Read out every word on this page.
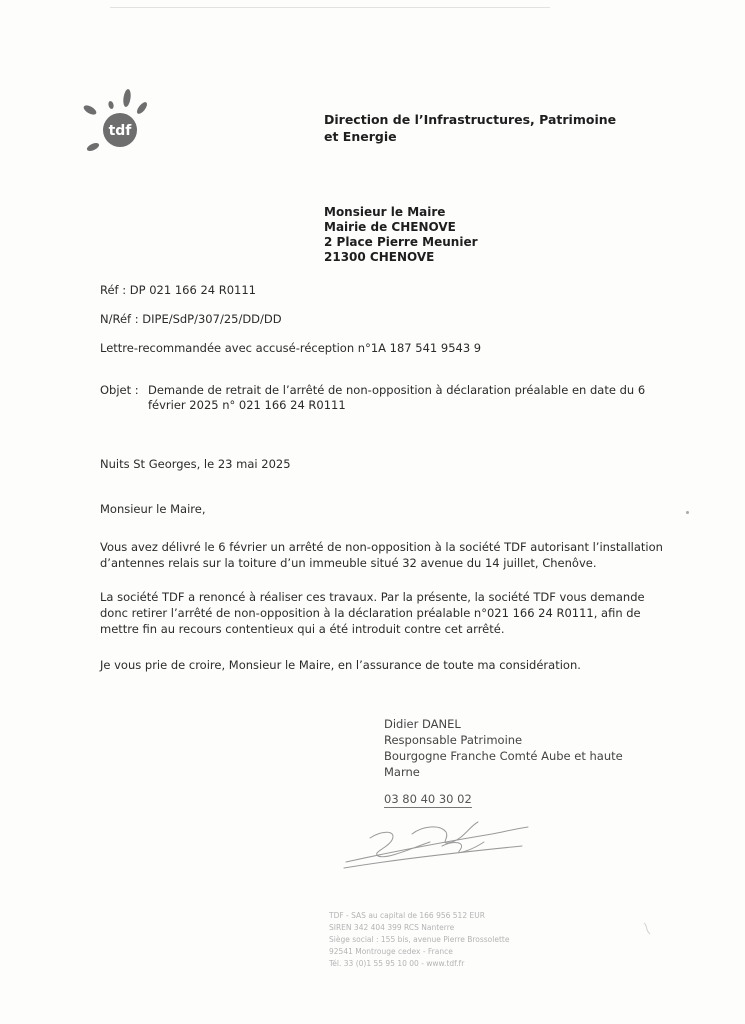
tdf
Direction de l’Infrastructures, Patrimoine et Energie
Monsieur le Maire
Mairie de CHENOVE
2 Place Pierre Meunier
21300 CHENOVE
Réf : DP 021 166 24 R0111
N/Réf : DIPE/SdP/307/25/DD/DD
Lettre-recommandée avec accusé-réception n°1A 187 541 9543 9
Objet : Demande de retrait de l’arrêté de non-opposition à déclaration préalable en date du 6 février 2025 n° 021 166 24 R0111
Nuits St Georges, le 23 mai 2025
Monsieur le Maire,
Vous avez délivré le 6 février un arrêté de non-opposition à la société TDF autorisant l’installation d’antennes relais sur la toiture d’un immeuble situé 32 avenue du 14 juillet, Chenôve.
La société TDF a renoncé à réaliser ces travaux. Par la présente, la société TDF vous demande donc retirer l’arrêté de non-opposition à la déclaration préalable n°021 166 24 R0111, afin de mettre fin au recours contentieux qui a été introduit contre cet arrêté.
Je vous prie de croire, Monsieur le Maire, en l’assurance de toute ma considération.
Didier DANEL
Responsable Patrimoine
Bourgogne Franche Comté Aube et haute Marne
03 80 40 30 02
TDF - SAS au capital de 166 956 512 EUR
SIREN 342 404 399 RCS Nanterre
Siège social : 155 bis, avenue Pierre Brossolette
92541 Montrouge cedex - France
Tél. 33 (0)1 55 95 10 00 - www.tdf.fr
